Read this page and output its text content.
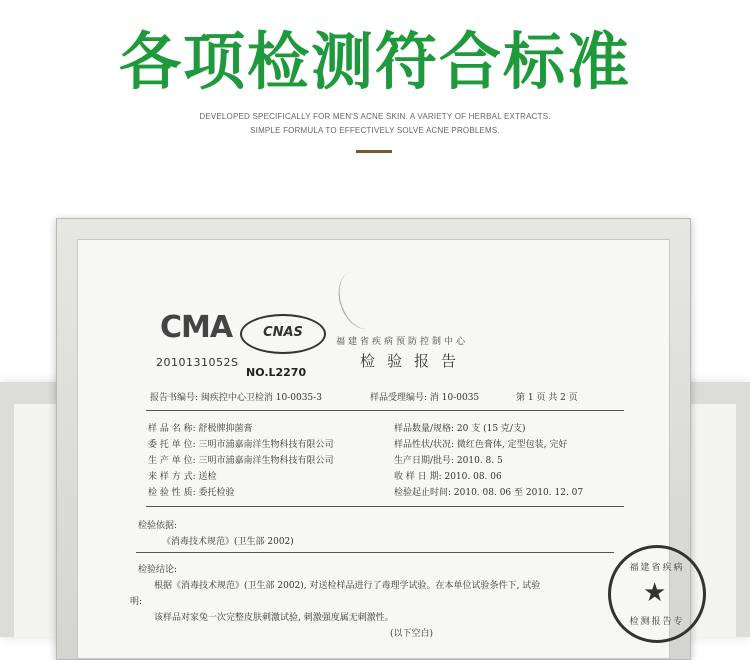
各项检测符合标准
DEVELOPED SPECIFICALLY FOR MEN'S ACNE SKIN. A VARIETY OF HERBAL EXTRACTS.
SIMPLE FORMULA TO EFFECTIVELY SOLVE ACNE PROBLEMS.
CMA
2010131052S
CNAS
NO.L2270
福建省疾病预防控制中心
检验报告
报告书编号: 闽疾控中心卫检消 10-0035-3	样品受理编号: 消 10-0035	第 1 页 共 2 页
样 品 名 称: 舒极牌抑菌膏
委 托 单 位: 三明市浦嘉南洋生物科技有限公司
生 产 单 位: 三明市浦嘉南洋生物科技有限公司
来 样 方 式: 送检
检 验 性 质: 委托检验
样品数量/规格: 20 支 (15 克/支)
样品性状/状况: 微红色膏体, 定型包装, 完好
生产日期/批号: 2010. 8. 5
收 样 日 期: 2010. 08. 06
检验起止时间: 2010. 08. 06 至 2010. 12. 07
检验依据:
《消毒技术规范》(卫生部 2002)
检验结论:
根据《消毒技术规范》(卫生部 2002), 对送检样品进行了毒理学试验。在本单位试验条件下, 试验
明:
该样品对家兔一次完整皮肤刺激试验, 刺激强度属无刺激性。
(以下空白)
福建省疾病
★
检测报告专
